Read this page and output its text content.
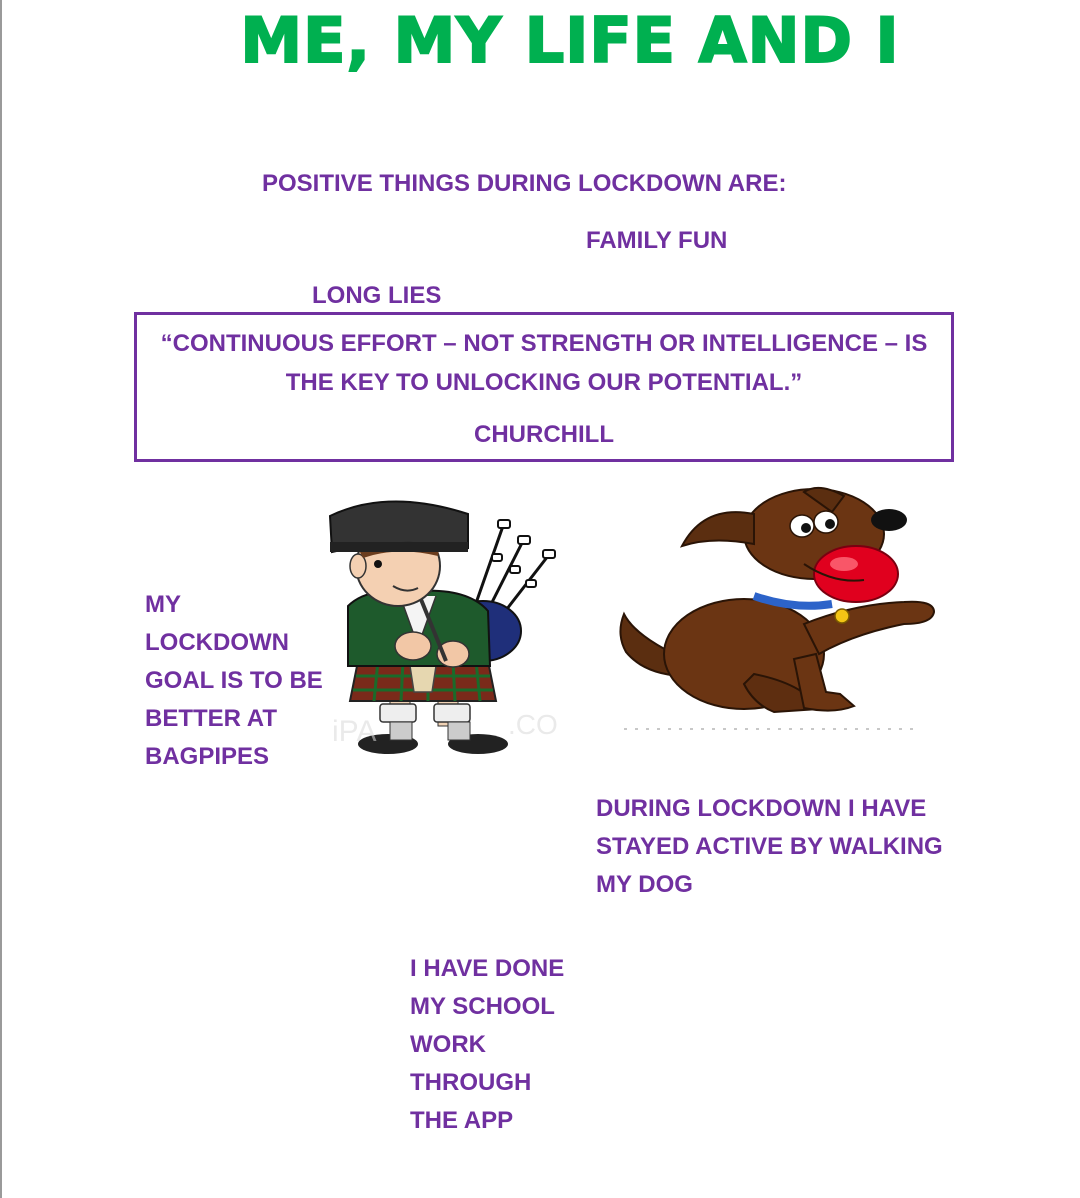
ME, MY LIFE AND I

POSITIVE THINGS DURING LOCKDOWN ARE:

FAMILY FUN

LONG LIES

“CONTINUOUS EFFORT – NOT STRENGTH OR INTELLIGENCE – IS

THE KEY TO UNLOCKING OUR POTENTIAL.”

CHURCHILL

MY
LOCKDOWN
GOAL IS TO BE
BETTER AT
BAGPIPES
iPA	.CO
DURING LOCKDOWN I HAVE
STAYED ACTIVE BY WALKING
MY DOG
I HAVE DONE
MY SCHOOL
WORK
THROUGH
THE APP
